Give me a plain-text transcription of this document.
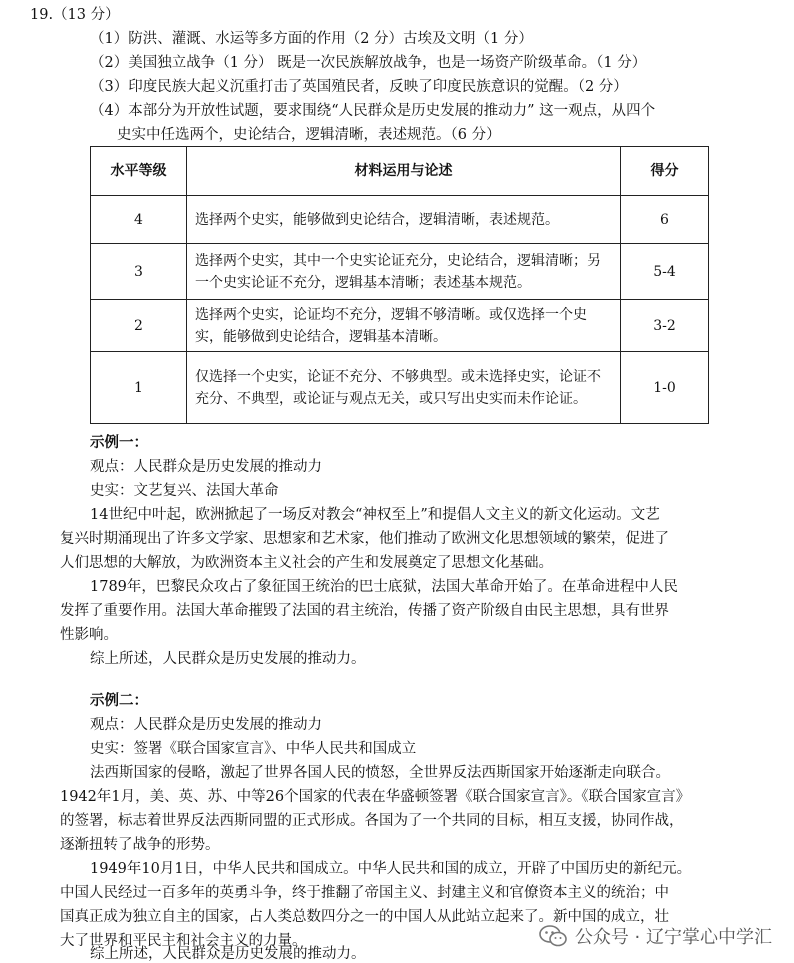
19.（13 分）
（1）防洪、灌溉、水运等多方面的作用（2 分）古埃及文明（1 分）
（2）美国独立战争（1 分） 既是一次民族解放战争，也是一场资产阶级革命。（1 分）
（3）印度民族大起义沉重打击了英国殖民者，反映了印度民族意识的觉醒。（2 分）
（4）本部分为开放性试题，要求围绕“人民群众是历史发展的推动力” 这一观点，从四个
史实中任选两个，史论结合，逻辑清晰，表述规范。（6 分）
水平等级	材料运用与论述	得分
4	选择两个史实，能够做到史论结合，逻辑清晰，表述规范。	6
3	选择两个史实，其中一个史实论证充分，史论结合，逻辑清晰；另一个史实论证不充分，逻辑基本清晰；表述基本规范。	5-4
2	选择两个史实，论证均不充分，逻辑不够清晰。或仅选择一个史实，能够做到史论结合，逻辑基本清晰。	3-2
1	仅选择一个史实，论证不充分、不够典型。或未选择史实，论证不充分、不典型，或论证与观点无关，或只写出史实而未作论证。	1-0
示例一：
观点：人民群众是历史发展的推动力
史实：文艺复兴、法国大革命
14世纪中叶起，欧洲掀起了一场反对教会“神权至上”和提倡人文主义的新文化运动。文艺
复兴时期涌现出了许多文学家、思想家和艺术家，他们推动了欧洲文化思想领域的繁荣，促进了
人们思想的大解放，为欧洲资本主义社会的产生和发展奠定了思想文化基础。
1789年，巴黎民众攻占了象征国王统治的巴士底狱，法国大革命开始了。在革命进程中人民
发挥了重要作用。法国大革命摧毁了法国的君主统治，传播了资产阶级自由民主思想，具有世界
性影响。
综上所述，人民群众是历史发展的推动力。
示例二：
观点：人民群众是历史发展的推动力
史实：签署《联合国家宣言》、中华人民共和国成立
法西斯国家的侵略，激起了世界各国人民的愤怒，全世界反法西斯国家开始逐渐走向联合。
1942年1月，美、英、苏、中等26个国家的代表在华盛顿签署《联合国家宣言》。《联合国家宣言》
的签署，标志着世界反法西斯同盟的正式形成。各国为了一个共同的目标，相互支援，协同作战，
逐渐扭转了战争的形势。
1949年10月1日，中华人民共和国成立。中华人民共和国的成立，开辟了中国历史的新纪元。
中国人民经过一百多年的英勇斗争，终于推翻了帝国主义、封建主义和官僚资本主义的统治；中
国真正成为独立自主的国家，占人类总数四分之一的中国人从此站立起来了。新中国的成立，壮
大了世界和平民主和社会主义的力量。
综上所述，人民群众是历史发展的推动力。
公众号 · 辽宁掌心中学汇
